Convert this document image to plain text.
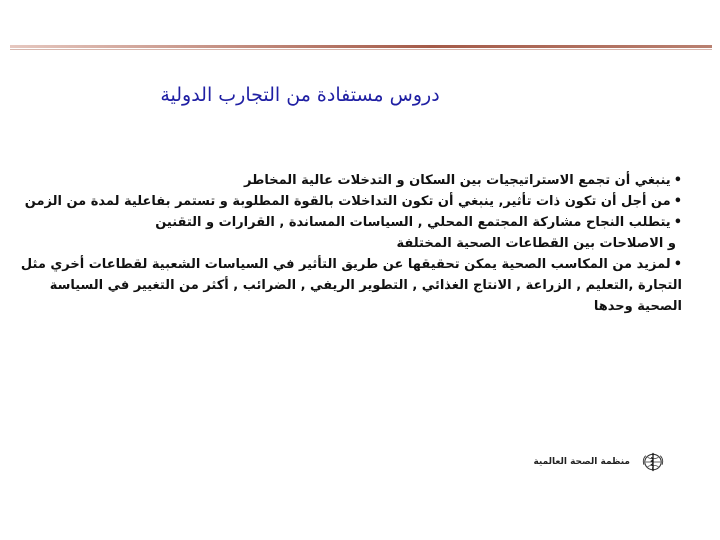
دروس مستفادة من التجارب الدولية

•ينبغي أن تجمع الاستراتيجيات بين السكان و التدخلات عالية المخاطر

•من أجل أن تكون ذات تأثير, ينبغي أن تكون التداخلات بالقوة المطلوبة و تستمر بفاعلية لمدة من الزمن

•يتطلب النجاح مشاركة المجتمع المحلي , السياسات المساندة , القرارات و التقنين
و الاصلاحات بين القطاعات الصحية المختلفة

•لمزيد من المكاسب الصحية يمكن تحقيقها عن طريق التأثير في السياسات الشعبية لقطاعات أخري مثل التجارة ,التعليم , الزراعة , الانتاج الغذائي , التطوير الريفي , الضرائب , أكثر من التغيير في السياسة الصحية وحدها

منظمة الصحة العالمية
